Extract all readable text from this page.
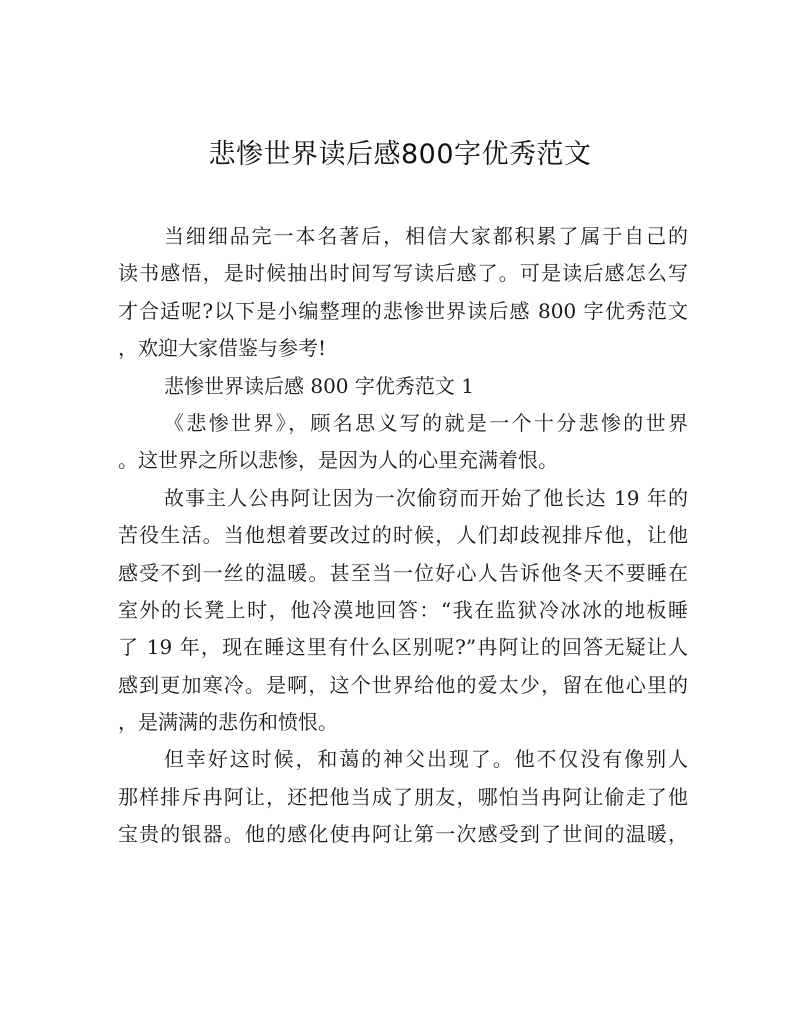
悲惨世界读后感800字优秀范文

当细细品完一本名著后，相信大家都积累了属于自己的

读书感悟，是时候抽出时间写写读后感了。可是读后感怎么写

才合适呢?以下是小编整理的悲惨世界读后感 800 字优秀范文

，欢迎大家借鉴与参考!

悲惨世界读后感 800 字优秀范文 1

《悲惨世界》，顾名思义写的就是一个十分悲惨的世界

。这世界之所以悲惨，是因为人的心里充满着恨。

故事主人公冉阿让因为一次偷窃而开始了他长达 19 年的

苦役生活。当他想着要改过的时候，人们却歧视排斥他，让他

感受不到一丝的温暖。甚至当一位好心人告诉他冬天不要睡在

室外的长凳上时，他冷漠地回答：“我在监狱冷冰冰的地板睡

了 19 年，现在睡这里有什么区别呢?”冉阿让的回答无疑让人

感到更加寒冷。是啊，这个世界给他的爱太少，留在他心里的

，是满满的悲伤和愤恨。

但幸好这时候，和蔼的神父出现了。他不仅没有像别人

那样排斥冉阿让，还把他当成了朋友，哪怕当冉阿让偷走了他

宝贵的银器。他的感化使冉阿让第一次感受到了世间的温暖，
